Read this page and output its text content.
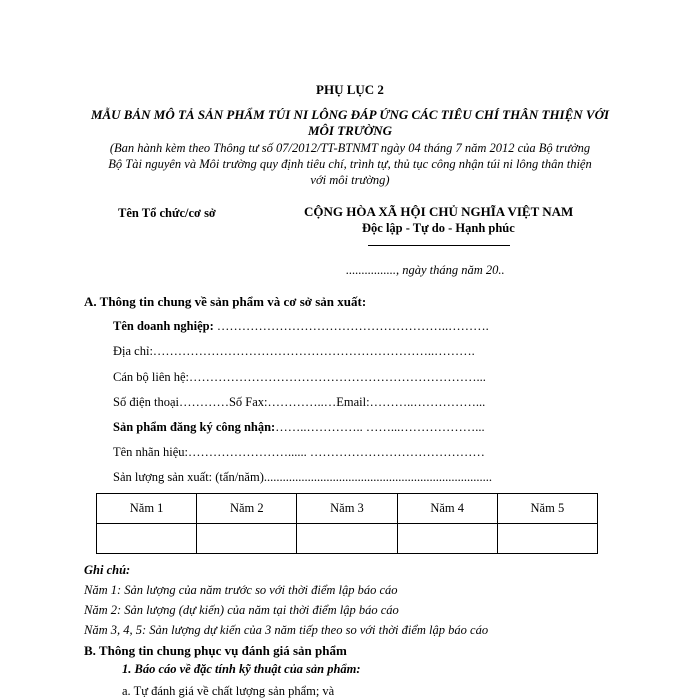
PHỤ LỤC 2
MẪU BẢN MÔ TẢ SẢN PHẨM TÚI NI LÔNG ĐÁP ỨNG CÁC TIÊU CHÍ THÂN THIỆN VỚI
MÔI TRƯỜNG
(Ban hành kèm theo Thông tư số 07/2012/TT-BTNMT ngày 04 tháng 7 năm 2012 của Bộ trưởng
Bộ Tài nguyên và Môi trường quy định tiêu chí, trình tự, thủ tục công nhận túi ni lông thân thiện
với môi trường)
Tên Tổ chức/cơ sở	CỘNG HÒA XÃ HỘI CHỦ NGHĨA VIỆT NAM
Độc lập - Tự do - Hạnh phúc
................, ngày tháng năm 20..
A. Thông tin chung về sản phẩm và cơ sở sản xuất:
Tên doanh nghiệp: ………………………………………………..……….
Địa chỉ:…………………………………………………………..……….
Cán bộ liên hệ:……………………………………………………………...
Số điện thoại…………Số Fax:…………..…Email:………..……………...
Sản phẩm đăng ký công nhận:……..………….. ……...………………...
Tên nhãn hiệu:……………………...... ……………………………………
Sản lượng sản xuất: (tấn/năm).........................................................................
Năm 1	Năm 2	Năm 3	Năm 4	Năm 5

Ghi chú:
Năm 1: Sản lượng của năm trước so với thời điểm lập báo cáo
Năm 2: Sản lượng (dự kiến) của năm tại thời điểm lập báo cáo
Năm 3, 4, 5: Sản lượng dự kiến của 3 năm tiếp theo so với thời điểm lập báo cáo
B. Thông tin chung phục vụ đánh giá sản phẩm
1. Báo cáo về đặc tính kỹ thuật của sản phẩm:
a. Tự đánh giá về chất lượng sản phẩm; và
